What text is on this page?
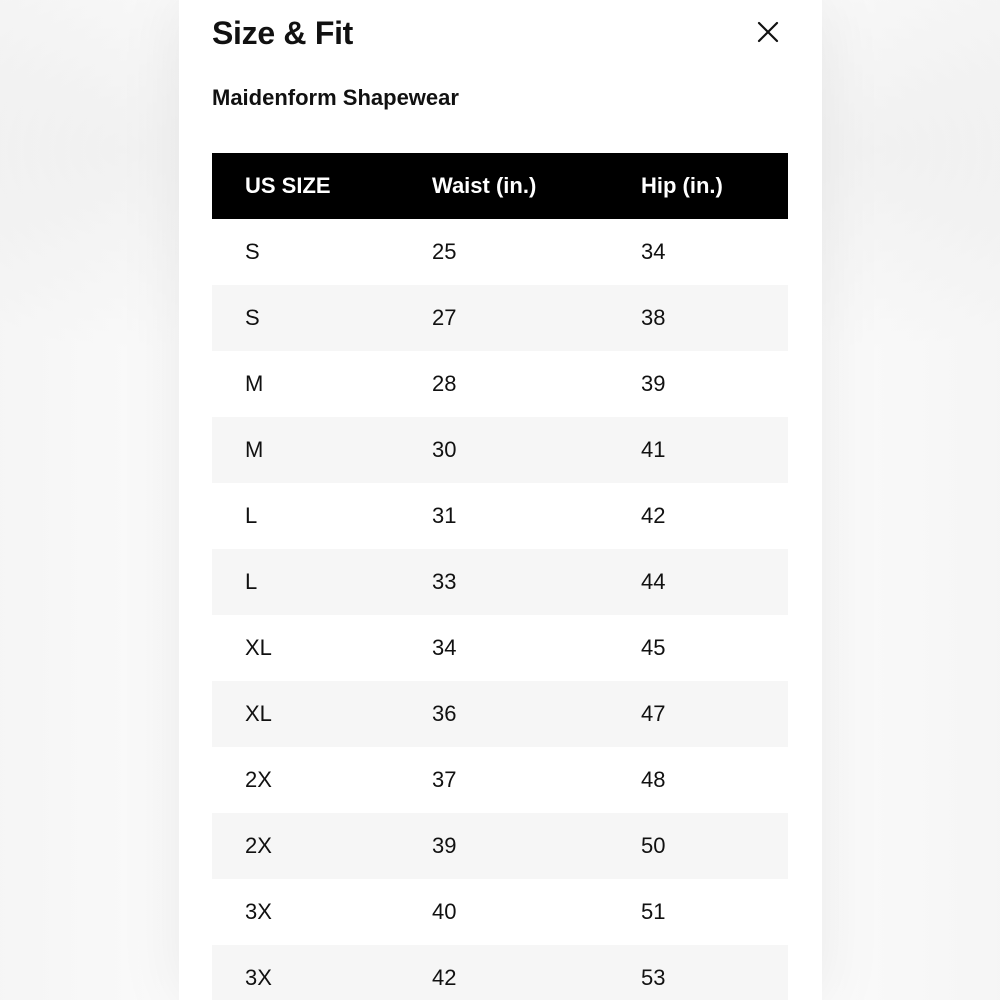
Size & Fit
Maidenform Shapewear
US SIZE	Waist (in.)	Hip (in.)
S	25	34
S	27	38
M	28	39
M	30	41
L	31	42
L	33	44
XL	34	45
XL	36	47
2X	37	48
2X	39	50
3X	40	51
3X	42	53
